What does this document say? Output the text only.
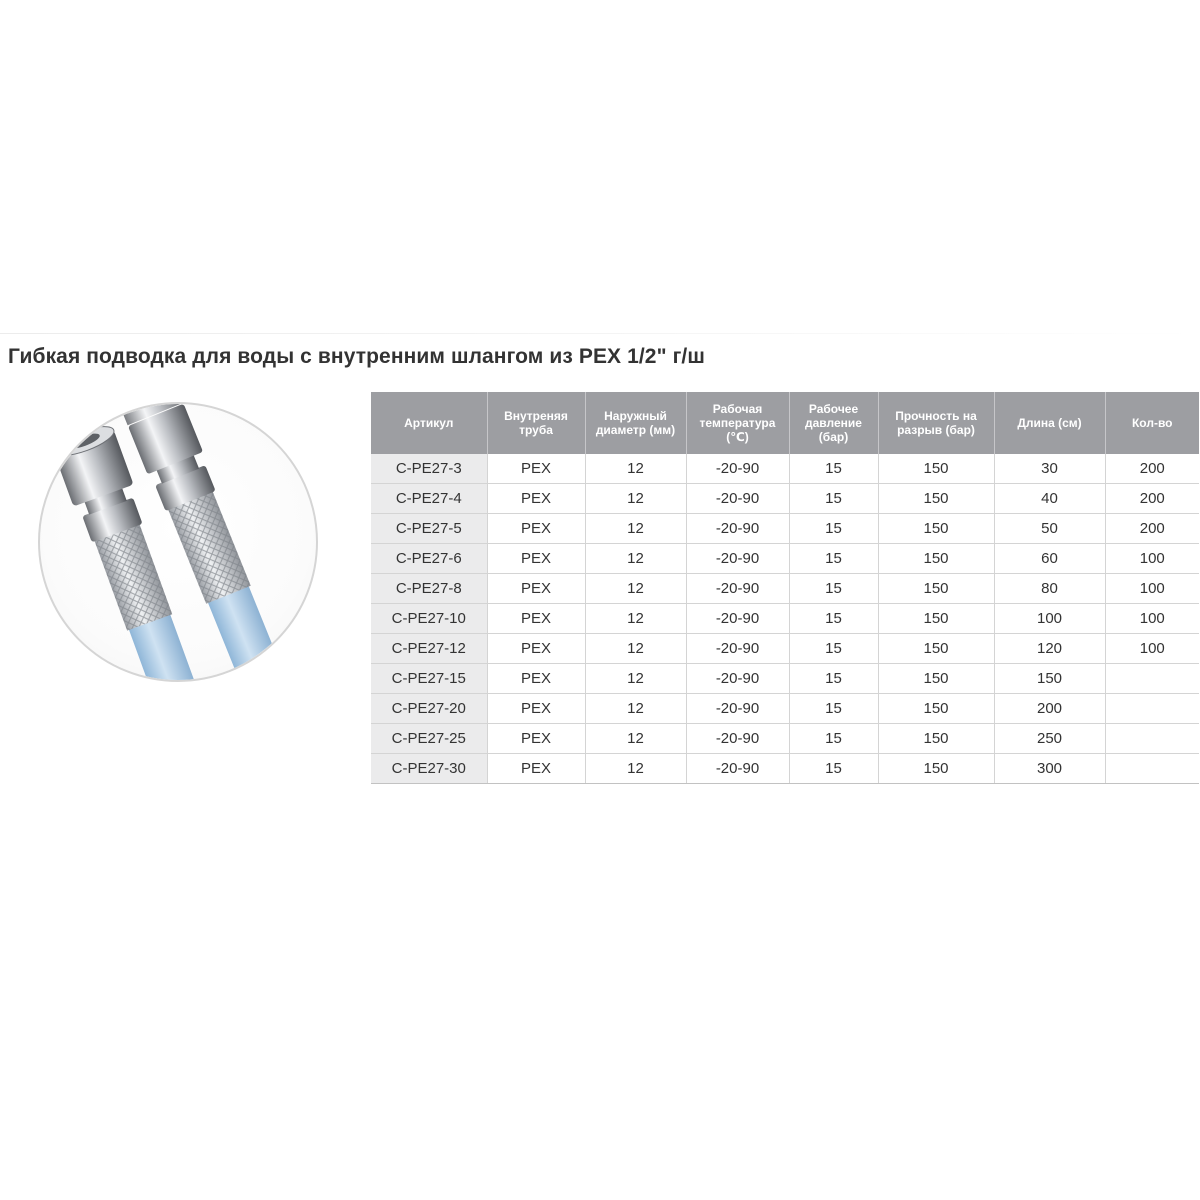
Гибкая подводка для воды с внутренним шлангом из PEX 1/2" г/ш
Артикул	Внутреняя труба	Наружный диаметр (мм)	Рабочая температура (℃)	Рабочее давление (бар)	Прочность на разрыв (бар)	Длина (см)	Кол-во
C-PE27-3	PEX	12	-20-90	15	150	30	200
C-PE27-4	PEX	12	-20-90	15	150	40	200
C-PE27-5	PEX	12	-20-90	15	150	50	200
C-PE27-6	PEX	12	-20-90	15	150	60	100
C-PE27-8	PEX	12	-20-90	15	150	80	100
C-PE27-10	PEX	12	-20-90	15	150	100	100
C-PE27-12	PEX	12	-20-90	15	150	120	100
C-PE27-15	PEX	12	-20-90	15	150	150	
C-PE27-20	PEX	12	-20-90	15	150	200	
C-PE27-25	PEX	12	-20-90	15	150	250	
C-PE27-30	PEX	12	-20-90	15	150	300	
